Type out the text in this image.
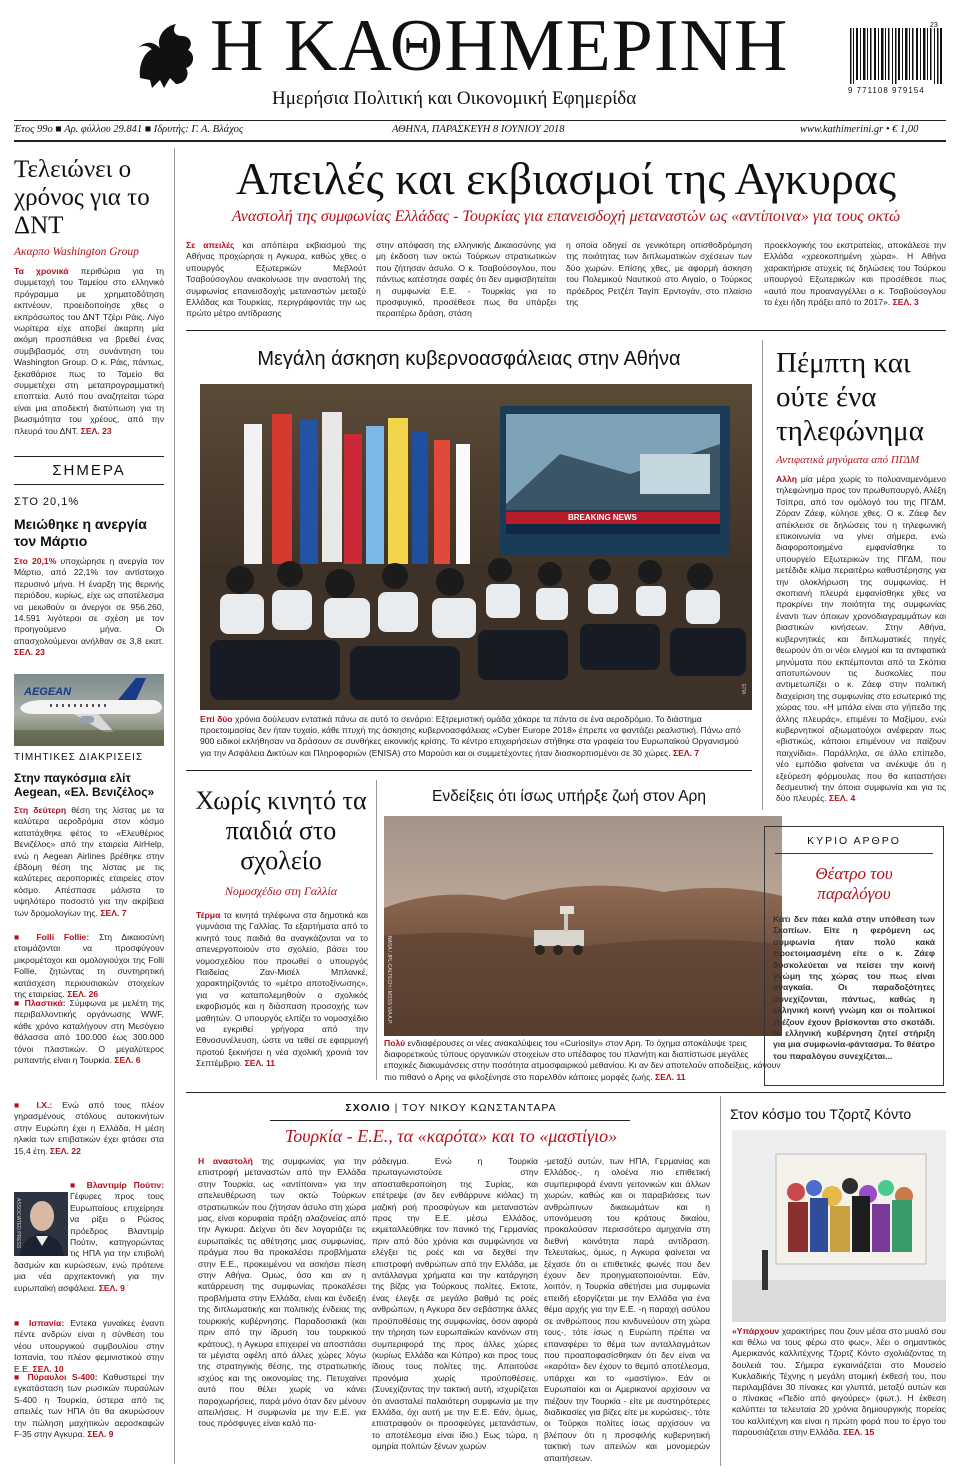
Η ΚΑΘΗΜΕΡΙΝΗ
Ημερήσια Πολιτική και Οικονομική Εφημερίδα	9 771108 979154
23
Έτος 99ο ■ Αρ. φύλλου 29.841 ■ Ιδρυτής: Γ. Α. Βλάχος	ΑΘΗΝΑ, ΠΑΡΑΣΚΕΥΗ 8 ΙΟΥΝΙΟΥ 2018	www.kathimerini.gr • € 1,00
Τελειώνει ο χρόνος για το ΔΝΤ
Ακαρπο Washington Group
Τα χρονικά περιθώρια για τη συμμετοχή του Ταμείου στο ελληνικό πρόγραμμα με χρηματοδότηση εκπνέουν, προειδοποίησε χθες ο εκπρόσωπος του ΔΝΤ Τζέρι Ράις. Λίγο νωρίτερα είχε αποβεί άκαρπη μία ακόμη προσπάθεια να βρεθεί ένας συμβιβασμός στη συνάντηση του Washington Group. Ο κ. Ράις, πάντως, ξεκαθάρισε πως το Ταμείο θα συμμετέχει στη μεταπρογραμματική εποπτεία. Αυτό που αναζητείται τώρα είναι μια αποδεκτή διατύπωση για τη βιωσιμότητα του χρέους, από την πλευρά του ΔΝΤ. ΣΕΛ. 23
ΣΗΜΕΡΑ
ΣΤΟ 20,1%
Μειώθηκε η ανεργία τον Μάρτιο
Στο 20,1% υποχώρησε η ανεργία τον Μάρτιο, από 22,1% τον αντίστοιχο περυσινό μήνα. Η έναρξη της θερινής περιόδου, κυρίως, είχε ως αποτέλεσμα να μειωθούν οι άνεργοι σε 956.260, 14.591 λιγότεροι σε σχέση με τον προηγούμενο μήνα. Οι απασχολούμενοι ανήλθαν σε 3,8 εκατ. ΣΕΛ. 23
AEGEAN
ΤΙΜΗΤΙΚΕΣ ΔΙΑΚΡΙΣΕΙΣ
Στην παγκόσμια ελίτ Aegean, «Ελ. Βενιζέλος»
Στη δεύτερη θέση της λίστας με τα καλύτερα αεροδρόμια στον κόσμο κατατάχθηκε φέτος το «Ελευθέριος Βενιζέλος» από την εταιρεία AirHelp, ενώ η Aegean Airlines βρέθηκε στην έβδομη θέση της λίστας με τις καλύτερες αεροπορικές εταιρείες στον κόσμο. Απέσπασε μάλιστα το υψηλότερο ποσοστό για την ακρίβεια των δρομολογίων της. ΣΕΛ. 7
■ Folli Follie: Στη Δικαιοσύνη ετοιμάζονται να προσφύγουν μικρομέτοχοι και ομολογιούχοι της Folli Follie, ζητώντας τη συντηρητική κατάσχεση περιουσιακών στοιχείων της εταιρείας. ΣΕΛ. 26
■ Πλαστικά: Σύμφωνα με μελέτη της περιβαλλοντικής οργάνωσης WWF, κάθε χρόνο καταλήγουν στη Μεσόγειο θάλασσα από 100.000 έως 300.000 τόνοι πλαστικών. Ο μεγαλύτερος ρυπαντής είναι η Τουρκία. ΣΕΛ. 6
■ Ι.Χ.: Ενώ από τους πλέον γηρασμένους στόλους αυτοκινήτων στην Ευρώπη έχει η Ελλάδα. Η μέση ηλικία των επιβατικών έχει φτάσει στα 15,4 έτη. ΣΕΛ. 22
ASSOCIATED PRESS
■ Βλαντιμίρ Πούτιν: Γέφυρες προς τους Ευρωπαίους επιχείρησε να ρίξει ο Ρώσος πρόεδρος Βλαντιμίρ Πούτιν, κατηγορώντας τις ΗΠΑ για την επιβολή δασμών και κυρώσεων, ενώ πρότεινε μια νέα αρχιτεκτονική για την ευρωπαϊκή ασφάλεια. ΣΕΛ. 9
■ Ισπανία: Εντεκα γυναίκες έναντι πέντε ανδρών είναι η σύνθεση του νέου υπουργικού συμβουλίου στην Ισπανία, του πλέον φεμινιστικού στην Ε.Ε. ΣΕΛ. 10
■ Πύραυλοι S-400: Καθυστερεί την εγκατάσταση των ρωσικών πυραύλων S-400 η Τουρκία, ύστερα από τις απειλές των ΗΠΑ ότι θα ακυρώσουν την πώληση μαχητικών αεροσκαφών F-35 στην Αγκυρα. ΣΕΛ. 9
Απειλές και εκβιασμοί της Αγκυρας
Αναστολή της συμφωνίας Ελλάδας - Τουρκίας για επανεισδοχή μεταναστών ως «αντίποινα» για τους οκτώ
Σε απειλές και απόπειρα εκβιασμού της Αθήνας προχώρησε η Αγκυρα, καθώς χθες ο υπουργός Εξωτερικών Μεβλούτ Τσαβούσογλου ανακοίνωσε την αναστολή της συμφωνίας επανεισδοχής μεταναστών μεταξύ Ελλάδας και Τουρκίας, περιγράφοντάς την ως πρώτο μέτρο αντίδρασης
στην απόφαση της ελληνικής Δικαιοσύνης για μη έκδοση των οκτώ Τούρκων στρατιωτικών που ζήτησαν άσυλο. Ο κ. Τσαβούσογλου, που πάντως κατέστησε σαφές ότι δεν αμφισβητείται η συμφωνία Ε.Ε. - Τουρκίας για το προσφυγικό, προσέθεσε πως θα υπάρξει περαιτέρω δράση, στάση
η οποία οδηγεί σε γενικότερη οπισθοδρόμηση της ποιότητας των διπλωματικών σχέσεων των δύο χωρών. Επίσης χθες, με αφορμή άσκηση του Πολεμικού Ναυτικού στο Αιγαίο, ο Τούρκος πρόεδρος Ρετζέπ Ταγίπ Ερντογάν, στο πλαίσιο της
προεκλογικής του εκστρατείας, αποκάλεσε την Ελλάδα «χρεοκοπημένη χώρα». Η Αθήνα χαρακτήρισε ατυχείς τις δηλώσεις του Τούρκου υπουργού Εξωτερικών και προσέθεσε πως «αυτό που προαναγγέλλει ο κ. Τσαβούσογλου το έχει ήδη πράξει από το 2017». ΣΕΛ. 3
Μεγάλη άσκηση κυβερνοασφάλειας στην Αθήνα
BREAKING NEWS
ΕΠΑ
Επί δύο χρόνια δούλευαν εντατικά πάνω σε αυτό το σενάριο: Εξτρεμιστική ομάδα χάκαρε τα πάντα σε ένα αεροδρόμιο. Το διάστημα προετοιμασίας δεν ήταν τυχαίο, κάθε πτυχή της άσκησης κυβερνοασφάλειας «Cyber Europe 2018» έπρεπε να φαντάζει ρεαλιστική. Πάνω από 900 ειδικοί εκλήθησαν να δράσουν σε συνθήκες εικονικής κρίσης. Το κέντρο επιχειρήσεων στήθηκε στα γραφεία του Ευρωπαϊκού Οργανισμού για την Ασφάλεια Δικτύων και Πληροφοριών (ENISA) στο Μαρούσι και οι συμμετέχοντες ήταν διασκορπισμένοι σε 30 χώρες. ΣΕΛ. 7
Πέμπτη και ούτε ένα τηλεφώνημα
Αντιφατικά μηνύματα από ΠΓΔΜ
Αλλη μία μέρα χωρίς το πολυαναμενόμενο τηλεφώνημα προς τον πρωθυπουργό, Αλέξη Τσίπρα, από τον ομόλογό του της ΠΓΔΜ, Ζόραν Ζάεφ, κύλησε χθες. Ο κ. Ζάεφ δεν απέκλεισε σε δηλώσεις του η τηλεφωνική επικοινωνία να γίνει σήμερα, ενώ διαφοροποιημένο εμφανίσθηκε το υπουργείο Εξωτερικών της ΠΓΔΜ, που μετέδιδε κλίμα περαιτέρω καθυστέρησης για την ολοκλήρωση της συμφωνίας. Η σκοπιανή πλευρά εμφανίσθηκε χθες να προκρίνει την ποιότητα της συμφωνίας έναντι των όποιων χρονοδιαγραμμάτων και βιαστικών κινήσεων. Στην Αθήνα, κυβερνητικές και διπλωματικές πηγές θεωρούν ότι οι νέοι ελιγμοί και τα αντιφατικά μηνύματα που εκπέμπονται από τα Σκόπια αποτυπώνουν τις δυσκολίες που αντιμετωπίζει ο κ. Ζάεφ στην πολιτική διαχείριση της συμφωνίας στο εσωτερικό της χώρας του. «Η μπάλα είναι στο γήπεδο της άλλης πλευράς», επιμένει το Μαξίμου, ενώ κυβερνητικοί αξιωματούχοι ανέφεραν πως «βιστικώς, κάποιοι επιμένουν να παίζουν παιχνίδια». Παράλληλα, σε άλλο επίπεδο, νέο εμπόδιο φαίνεται να ανέκυψε ότι η εξεύρεση φόρμουλας που θα καταστήσει δεσμευτική την όποια συμφωνία και για τις δύο πλευρές. ΣΕΛ. 4
Χωρίς κινητό τα παιδιά στο σχολείο
Νομοσχέδιο στη Γαλλία
Τέρμα τα κινητά τηλέφωνα στα δημοτικά και γυμνάσια της Γαλλίας. Τα εξαρτήματα από το κινητό τους παιδιά θα αναγκάζονται να το απενεργοποιούν στο σχολείο, βάσει του νομοσχεδίου που προωθεί ο υπουργός Παιδείας Ζαν-Μισέλ Μπλανκέ, χαρακτηρίζοντάς το «μέτρο αποτοξίνωσης», για να καταπολεμηθούν ο σχολικός εκφοβισμός και η διάσπαση προσοχής των μαθητών. Ο υπουργός ελπίζει το νομοσχέδιο να εγκριθεί γρήγορα από την Εθνοσυνέλευση, ώστε να τεθεί σε εφαρμογή προτού ξεκινήσει η νέα σχολική χρονιά τον Σεπτέμβριο. ΣΕΛ. 11
Ενδείξεις ότι ίσως υπήρξε ζωή στον Αρη
NASA / JPL-CALTECH / MSSS VIA A.P.
Πολύ ενδιαφέρουσες οι νέες ανακαλύψεις του «Curiosity» στον Αρη. Το όχημα αποκάλυψε τρεις διαφορετικούς τύπους οργανικών στοιχείων στο υπέδαφος του πλανήτη και διαπίστωσε μεγάλες εποχικές διακυμάνσεις στην ποσότητα ατμοσφαιρικού μεθανίου. Κι αν δεν αποτελούν αποδείξεις, κάνουν πιο πιθανό ο Αρης να φιλοξένησε στο παρελθόν κάποιες μορφές ζωής. ΣΕΛ. 11
ΚΥΡΙΟ ΑΡΘΡΟ
Θέατρο του παραλόγου
Κάτι δεν πάει καλά στην υπόθεση των Σκοπίων. Είτε η φερόμενη ως συμφωνία ήταν πολύ κακά προετοιμασμένη είτε ο κ. Ζάεφ δυσκολεύεται να πείσει την κοινή γνώμη της χώρας του πως είναι αναγκαία. Οι παραδοξότητες συνεχίζονται, πάντως, καθώς η ελληνική κοινή γνώμη και οι πολιτικοί πιέζουν έχουν βρίσκονται στο σκοτάδι. Η ελληνική κυβέρνηση ζητεί στήριξη για μια συμφωνία-φάντασμα. Το θέατρο του παραλόγου συνεχίζεται...
ΣΧΟΛΙΟ | ΤΟΥ ΝΙΚΟΥ ΚΩΝΣΤΑΝΤΑΡΑ
Τουρκία - Ε.Ε., τα «καρότα» και το «μαστίγιο»
Η αναστολή της συμφωνίας για την επιστροφή μεταναστών από την Ελλάδα στην Τουρκία, ως «αντίποινα» για την απελευθέρωση των οκτώ Τούρκων στρατιωτικών που ζήτησαν άσυλο στη χώρα μας, είναι κορυφαία πράξη αλαζονείας από την Αγκυρα. Δείχνει ότι δεν λογαριάζει τις ευρωπαϊκές τις αθέτησης μιας συμφωνίας, πράγμα που θα προκαλέσει προβλήματα στην Ε.Ε., προκειμένου να ασκήσει πίεση στην Αθήνα. Ομως, όσο και αν η κατάρρευση της συμφωνίας προκαλέσει προβλήματα στην Ελλάδα, είναι και ένδειξη της διπλωματικής και πολιτικής ένδειας της τουρκικής κυβέρνησης. Παραδοσιακά (και πριν από την ίδρυση του τουρκικού κράτους), η Αγκυρα επιχειρεί να αποσπάσει τα μέγιστα οφέλη από άλλες χώρες λόγω της στρατηγικής θέσης, της στρατιωτικής ισχύος και της οικονομίας της. Πετυχαίνει αυτό που θέλει χωρίς να κάνει παραχωρήσεις, παρά μόνο όταν δεν μένουν απειλήσεις. Η συμφωνία με την Ε.Ε. για τους πρόσφυγες είναι καλό πα-
ράδειγμα. Ενώ η Τουρκία πρωταγωνιστούσε στην αποσταθεροποίηση της Συρίας, και επέτρεψε (αν δεν ενθάρρυνε κιόλας) τη μαζική ροή προσφύγων και μεταναστών προς την Ε.Ε. μέσω Ελλάδος, εκμεταλλεύθηκε τον πανικό της Γερμανίας πριν από δύο χρόνια και συμφώνησε να ελέγξει τις ροές και να δεχθεί την επιστροφή ανθρώπων από την Ελλάδα, με αντάλλαγμα χρήματα και την κατάργηση της βίζας για Τούρκους πολίτες. Εκτοτε, ένας έλεγξε σε μεγάλο βαθμό τις ροές ανθρώπων, η Αγκυρα δεν σεβάστηκε άλλες προϋποθέσεις της συμφωνίας, όσον αφορά την τήρηση των ευρωπαϊκών κανόνων στη συμπεριφορά της προς άλλες χώρες (κυρίως Ελλάδα και Κύπρο) και προς τους ίδιους τους πολίτες της. Απαιτούσε προνόμια χωρίς προϋποθέσεις. (Συνεχίζοντας την τακτική αυτή, ισχυρίζεται ότι ανασταλεί παλαιότερη συμφωνία με την Ελλάδα, όχι αυτή με την Ε.Ε. Εάν, όμως, επιστραφούν οι προσφεύγες μετανάστων, το αποτέλεσμα είναι ίδιο.) Εως τώρα, η ομηρία πολιτών ξένων χωρών
-μεταξύ αυτών, των ΗΠΑ, Γερμανίας και Ελλάδος-, η ολοένα πιο επιθετική συμπεριφορά έναντι γειτονικών και άλλων χωρών, καθώς και οι παραβιάσεις των ανθρώπινων δικαιωμάτων και η υπονόμευση του κράτους δικαίου, προκαλούσαν περισσότερο αμηχανία στη διεθνή κοινότητα παρά αντίδραση. Τελευταίως, όμως, η Αγκυρα φαίνεται να ξέχασε ότι οι επιθετικές φωνές που δεν έχουν δεν προηγματοποιούνται. Εάν, λοιπόν, η Τουρκία αθετήσει μια συμφωνία επειδή εξοργίζεται με την Ελλάδα για ένα θέμα αρχής για την Ε.Ε. -η παραχή ασύλου σε ανθρώπους που κινδυνεύουν στη χώρα τους-, τότε ίσως η Ευρώπη πρέπει να επαναφέρει το θέμα των ανταλλαγμάτων που προαποφασίσθηκαν ότι δεν είναι να «καρότα» δεν έχουν το θεμιτό αποτέλεσμα, υπάρχει και το «μαστίγιο». Εάν οι Ευρωπαίοι και οι Αμερικανοί αρχίσουν να πιέζουν την Τουρκία - είτε με αυστηρότερες διαδικασίες για βίζες είτε με κυρώσεις-, τότε οι Τούρκοι πολίτες ίσως αρχίσουν να βλέπουν ότι η προσφιλής κυβερνητική τακτική των απειλών και μονομερών απαιτήσεων.
Στον κόσμο του Τζορτζ Κόντο
«Υπάρχουν χαρακτήρες που ζουν μέσα στο μυαλό σου και θέλω να τους φέρω στο φως», λέει ο σημαντικός Αμερικανός καλλιτέχνης Τζορτζ Κόντο σχολιάζοντας τη δουλειά του. Σήμερα εγκαινιάζεται στο Μουσείο Κυκλαδικής Τέχνης η μεγάλη ατομική έκθεσή του, που περιλαμβάνει 30 πίνακες και γλυπτά, μεταξύ αυτών και ο πίνακας «Πεδίο από φιγούρες» (φωτ.). Η έκθεση καλύπτει τα τελευταία 20 χρόνια δημιουργικής πορείας του καλλιτέχνη και είναι η πρώτη φορά που το έργο του παρουσιάζεται στην Ελλάδα. ΣΕΛ. 15
